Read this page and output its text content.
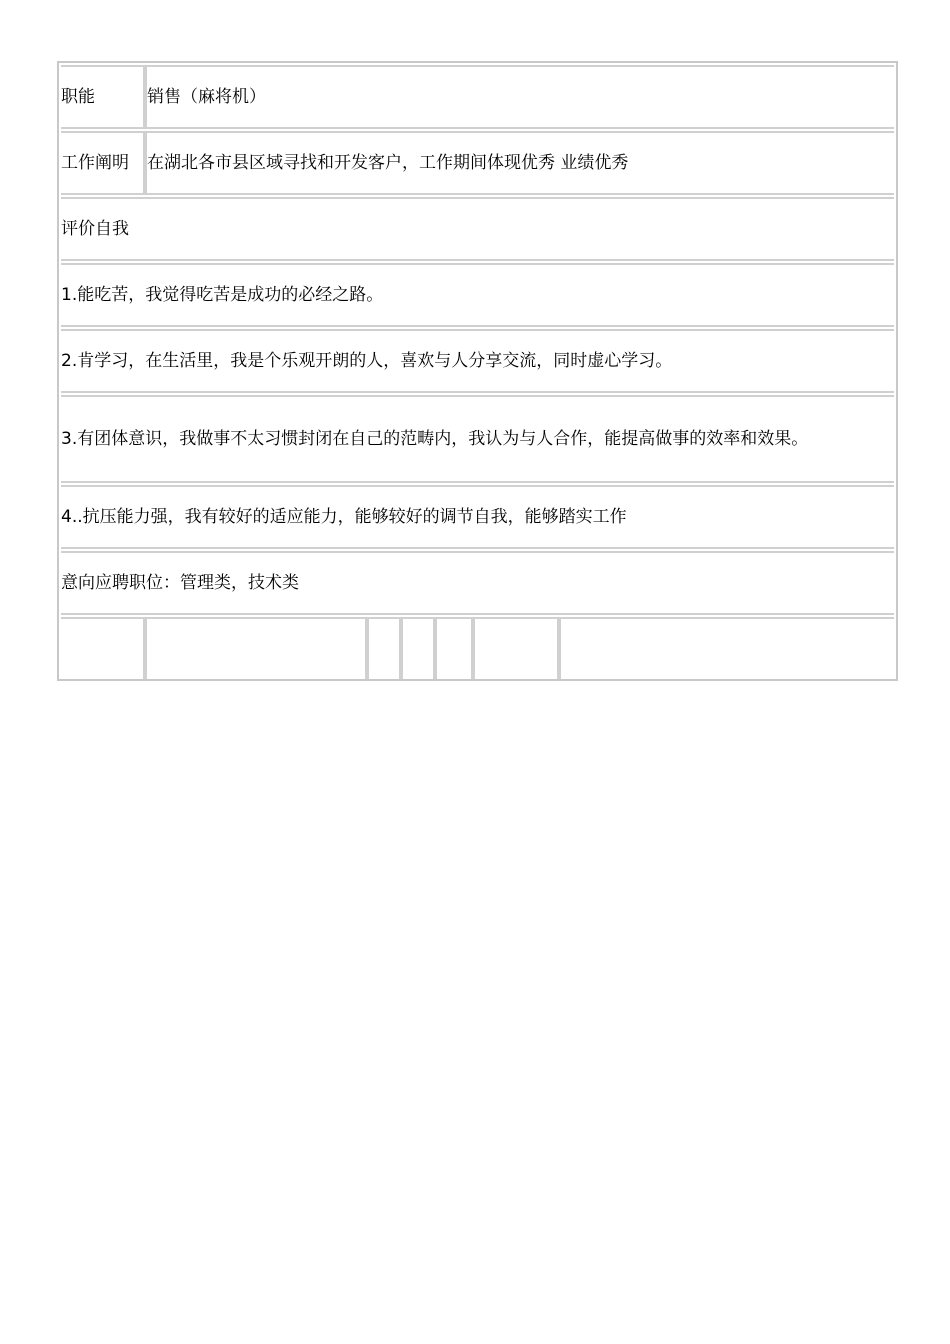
职能	销售（麻将机）
工作阐明 在湖北各市县区域寻找和开发客户，工作期间体现优秀 业绩优秀
评价自我
1.能吃苦，我觉得吃苦是成功的必经之路。
2.肯学习，在生活里，我是个乐观开朗的人，喜欢与人分享交流，同时虚心学习。
3.有团体意识，我做事不太习惯封闭在自己的范畴内，我认为与人合作，能提高做事的效率和效果。
4..抗压能力强，我有较好的适应能力，能够较好的调节自我，能够踏实工作
意向应聘职位：管理类，技术类
